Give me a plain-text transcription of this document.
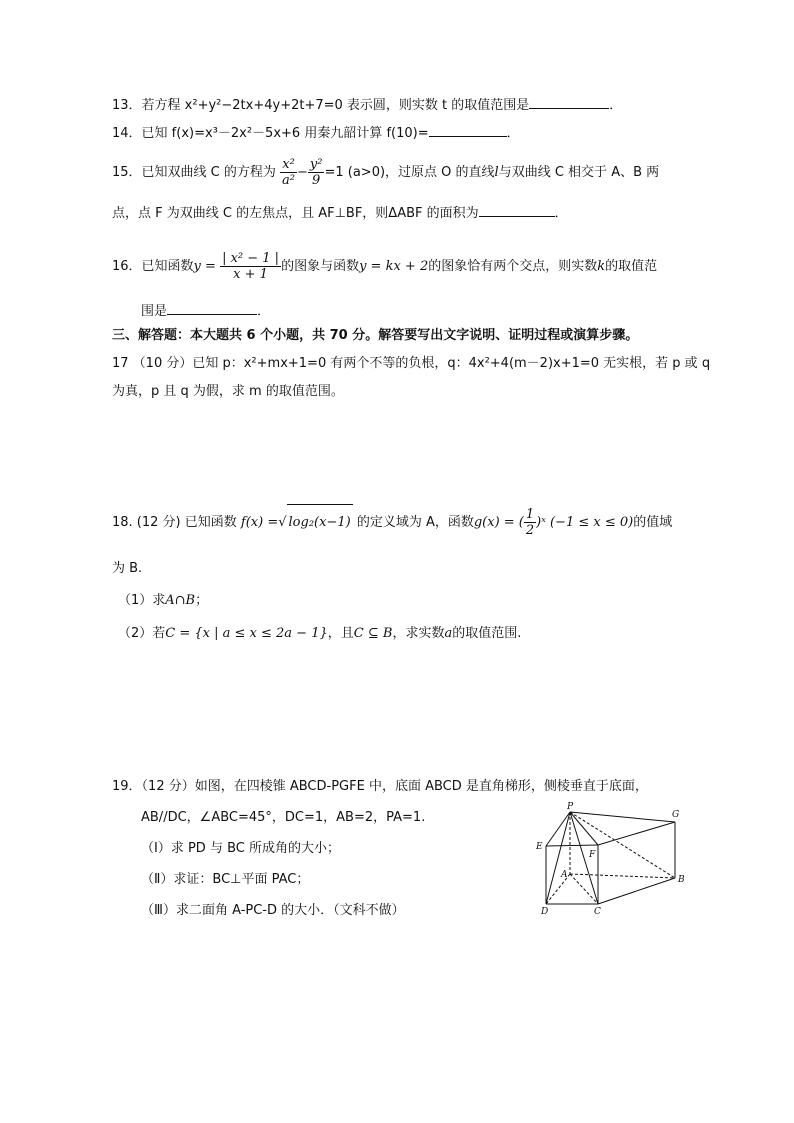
13．若方程 x²+y²−2tx+4y+2t+7=0 表示圆，则实数 t 的取值范围是	．
14．已知 f(x)=x³－2x²－5x+6 用秦九韶计算 f(10)=	．
15．已知双曲线 C 的方程为 $\frac{\text{x²}}{\text{a²}} - \frac{\text{y²}}{9} =1$ (a>0)，过原点 O 的直线l与双曲线 C 相交于 A、B 两
点，点 F 为双曲线 C 的左焦点，且 AF⊥BF，则ΔABF 的面积为	．
16．已知函数$y = \frac{\text{| x² − 1 |}}{x + 1}$ 的图象与函数y = kx + 2的图象恰有两个交点，则实数k的取值范
围是	．
三、解答题：本大题共 6 个小题，共 70 分。解答要写出文字说明、证明过程或演算步骤。
17 （10 分）已知 p：x²+mx+1=0 有两个不等的负根，q：4x²+4(m－2)x+1=0 无实根，若 p 或 q
为真，p 且 q 为假，求 m 的取值范围。
18. (12 分) 已知函数 f(x) =√ log₂(x−1) 的定义域为 A，函数g(x) = ( $\frac{1}{2}$ )ˣ (−1 ≤ x ≤ 0)的值域
为 B.
（1）求A∩B；
（2）若C = {x | a ≤ x ≤ 2a − 1}，且C ⊆ B，求实数a的取值范围.
19．（12 分）如图，在四棱锥 ABCD-PGFE 中，底面 ABCD 是直角梯形，侧棱垂直于底面，
AB//DC，∠ABC=45°，DC=1，AB=2，PA=1.
（Ⅰ）求 PD 与 BC 所成角的大小；
（Ⅱ）求证：BC⊥平面 PAC；
（Ⅲ）求二面角 A-PC-D 的大小．（文科不做）
P
G
E
F
A	B
D	C
